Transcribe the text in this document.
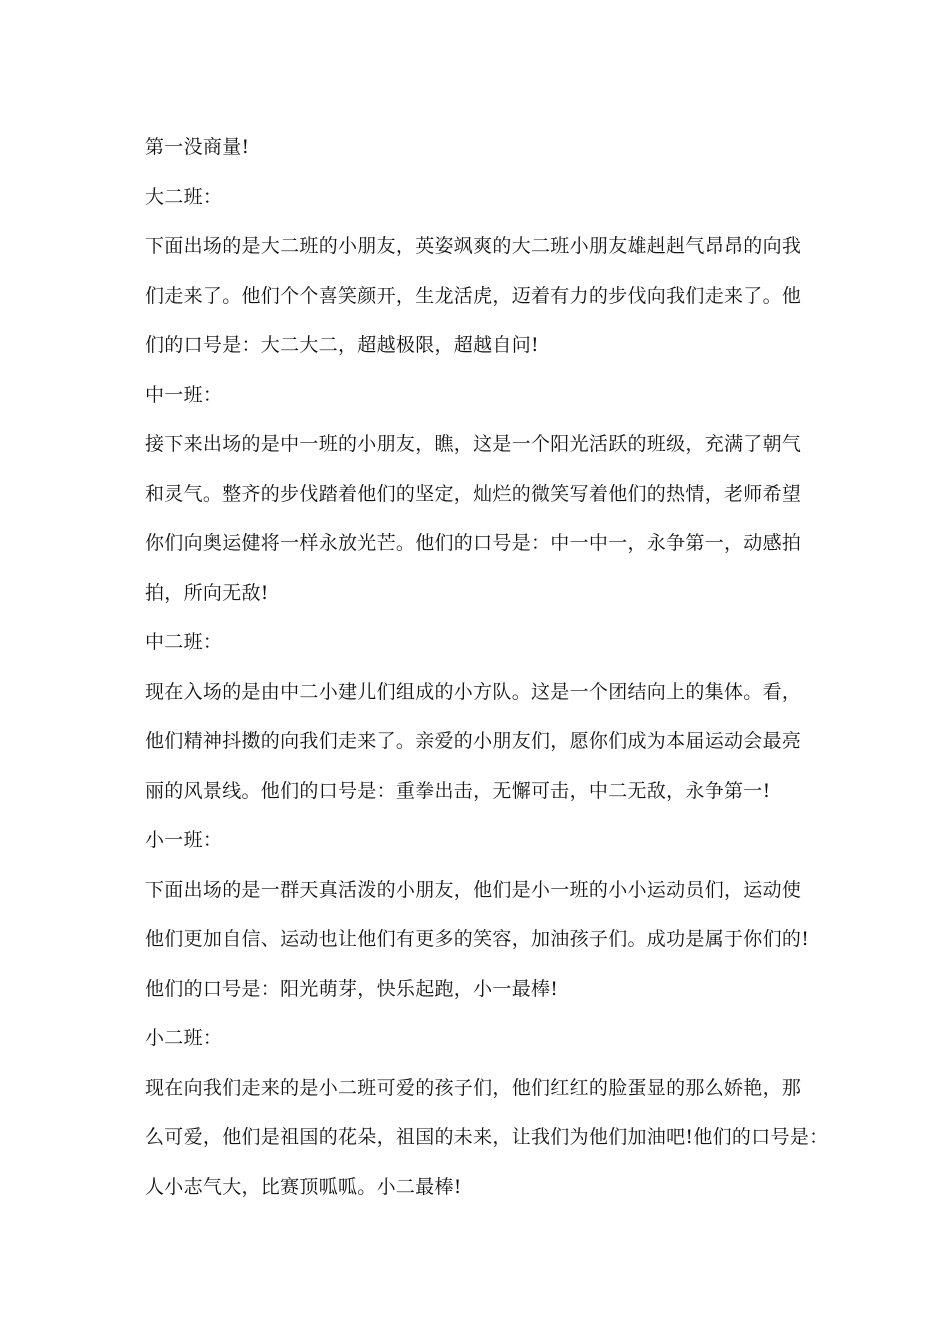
第一没商量!
大二班：
下面出场的是大二班的小朋友，英姿飒爽的大二班小朋友雄赳赳气昂昂的向我
们走来了。他们个个喜笑颜开，生龙活虎，迈着有力的步伐向我们走来了。他
们的口号是：大二大二，超越极限，超越自问!
中一班：
接下来出场的是中一班的小朋友，瞧，这是一个阳光活跃的班级，充满了朝气
和灵气。整齐的步伐踏着他们的坚定，灿烂的微笑写着他们的热情，老师希望
你们向奥运健将一样永放光芒。他们的口号是：中一中一，永争第一，动感拍
拍，所向无敌!
中二班：
现在入场的是由中二小建儿们组成的小方队。这是一个团结向上的集体。看，
他们精神抖擞的向我们走来了。亲爱的小朋友们，愿你们成为本届运动会最亮
丽的风景线。他们的口号是：重拳出击，无懈可击，中二无敌，永争第一!
小一班：
下面出场的是一群天真活泼的小朋友，他们是小一班的小小运动员们，运动使
他们更加自信、运动也让他们有更多的笑容，加油孩子们。成功是属于你们的!
他们的口号是：阳光萌芽，快乐起跑，小一最棒!
小二班：
现在向我们走来的是小二班可爱的孩子们，他们红红的脸蛋显的那么娇艳，那
么可爱，他们是祖国的花朵，祖国的未来，让我们为他们加油吧!他们的口号是：
人小志气大，比赛顶呱呱。小二最棒!
